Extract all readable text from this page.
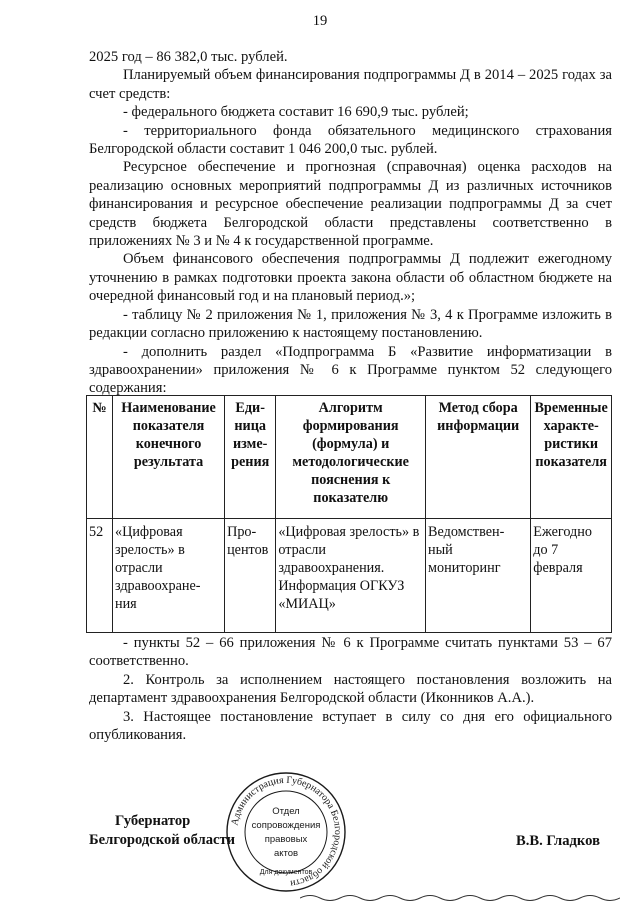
19

2025 год – 86 382,0 тыс. рублей.

Планируемый объем финансирования подпрограммы Д в 2014 – 2025 годах за счет средств:

- федерального бюджета составит 16 690,9 тыс. рублей;

- территориального фонда обязательного медицинского страхования Белгородской области составит 1 046 200,0 тыс. рублей.

Ресурсное обеспечение и прогнозная (справочная) оценка расходов на реализацию основных мероприятий подпрограммы Д из различных источников финансирования и ресурсное обеспечение реализации подпрограммы Д за счет средств бюджета Белгородской области представлены соответственно в приложениях № 3 и № 4 к государственной программе.

Объем финансового обеспечения подпрограммы Д подлежит ежегодному уточнению в рамках подготовки проекта закона области об областном бюджете на очередной финансовый год и на плановый период.»;

- таблицу № 2 приложения № 1, приложения № 3, 4 к Программе изложить в редакции согласно приложению к настоящему постановлению.

- дополнить раздел «Подпрограмма Б «Развитие информатизации в здравоохранении» приложения № 6 к Программе пунктом 52 следующего содержания:

№	Наименование показателя конечного результата	Еди-ница изме-рения	Алгоритм формирования (формула) и методологические пояснения к показателю	Метод сбора информации	Временные характе-ристики показателя
52	«Цифровая зрелость» в отрасли здравоохране-ния	Про-центов	«Цифровая зрелость» в отрасли здравоохранения. Информация ОГКУЗ «МИАЦ»	Ведомствен-ный мониторинг	Ежегодно до 7 февраля

- пункты 52 – 66 приложения № 6 к Программе считать пунктами 53 – 67 соответственно.

2. Контроль за исполнением настоящего постановления возложить на департамент здравоохранения Белгородской области (Иконников А.А.).

3. Настоящее постановление вступает в силу со дня его официального опубликования.

Губернатор
Белгородской области
Администрация Губернатора Белгородской области
Отдел
сопровождения
правовых
актов
Для документов
В.В. Гладков
